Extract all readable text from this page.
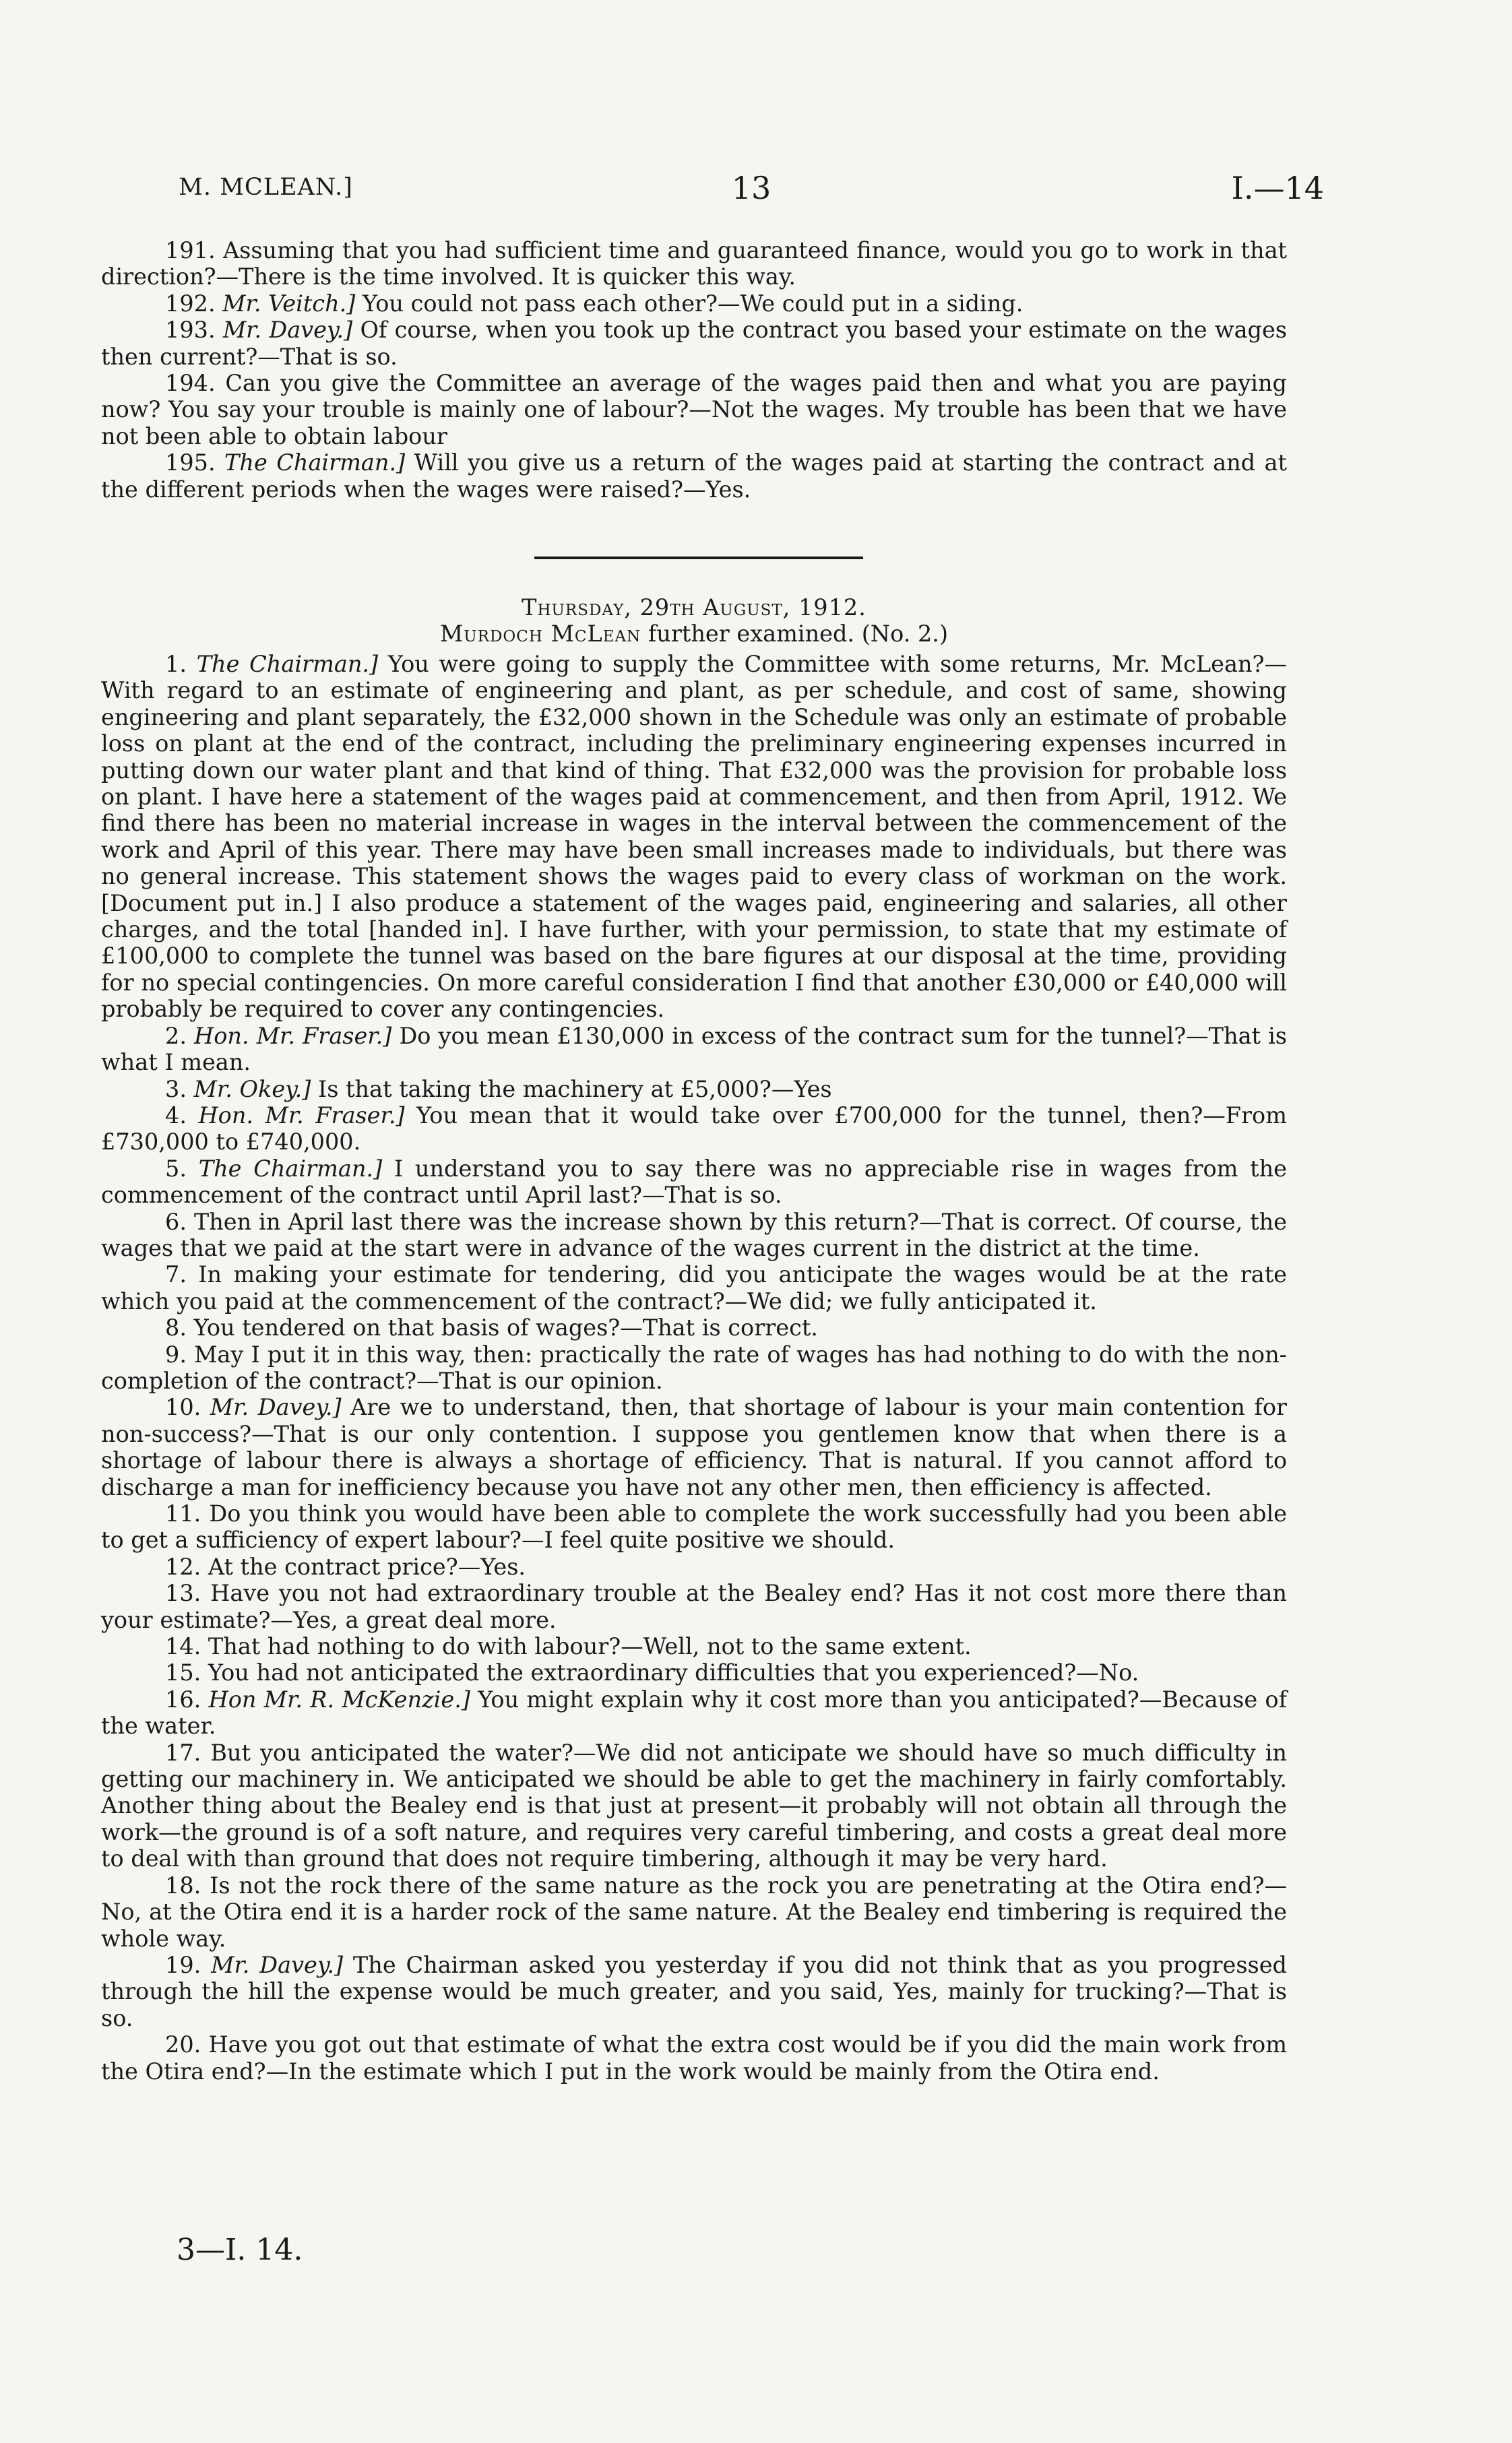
M. MCLEAN.]	13	I.—14

191. Assuming that you had sufficient time and guaranteed finance, would you go to work in that direction?—There is the time involved. It is quicker this way.

192. Mr. Veitch.] You could not pass each other?—We could put in a siding.

193. Mr. Davey.] Of course, when you took up the contract you based your estimate on the wages then current?—That is so.

194. Can you give the Committee an average of the wages paid then and what you are paying now? You say your trouble is mainly one of labour?—Not the wages. My trouble has been that we have not been able to obtain labour

195. The Chairman.] Will you give us a return of the wages paid at starting the contract and at the different periods when the wages were raised?—Yes.

Thursday, 29th August, 1912.
Murdoch McLean further examined. (No. 2.)

1. The Chairman.] You were going to supply the Committee with some returns, Mr. McLean?—With regard to an estimate of engineering and plant, as per schedule, and cost of same, showing engineering and plant separately, the £32,000 shown in the Schedule was only an estimate of probable loss on plant at the end of the contract, including the preliminary engineering expenses incurred in putting down our water plant and that kind of thing. That £32,000 was the provision for probable loss on plant. I have here a statement of the wages paid at commencement, and then from April, 1912. We find there has been no material increase in wages in the interval between the commencement of the work and April of this year. There may have been small increases made to individuals, but there was no general increase. This statement shows the wages paid to every class of workman on the work. [Document put in.] I also produce a statement of the wages paid, engineering and salaries, all other charges, and the total [handed in]. I have further, with your permission, to state that my estimate of £100,000 to complete the tunnel was based on the bare figures at our disposal at the time, providing for no special contingencies. On more careful consideration I find that another £30,000 or £40,000 will probably be required to cover any contingencies.

2. Hon. Mr. Fraser.] Do you mean £130,000 in excess of the contract sum for the tunnel?—That is what I mean.

3. Mr. Okey.] Is that taking the machinery at £5,000?—Yes

4. Hon. Mr. Fraser.] You mean that it would take over £700,000 for the tunnel, then?—From £730,000 to £740,000.

5. The Chairman.] I understand you to say there was no appreciable rise in wages from the commencement of the contract until April last?—That is so.

6. Then in April last there was the increase shown by this return?—That is correct. Of course, the wages that we paid at the start were in advance of the wages current in the district at the time.

7. In making your estimate for tendering, did you anticipate the wages would be at the rate which you paid at the commencement of the contract?—We did; we fully anticipated it.

8. You tendered on that basis of wages?—That is correct.

9. May I put it in this way, then: practically the rate of wages has had nothing to do with the non-completion of the contract?—That is our opinion.

10. Mr. Davey.] Are we to understand, then, that shortage of labour is your main contention for non-success?—That is our only contention. I suppose you gentlemen know that when there is a shortage of labour there is always a shortage of efficiency. That is natural. If you cannot afford to discharge a man for inefficiency because you have not any other men, then efficiency is affected.

11. Do you think you would have been able to complete the work successfully had you been able to get a sufficiency of expert labour?—I feel quite positive we should.

12. At the contract price?—Yes.

13. Have you not had extraordinary trouble at the Bealey end? Has it not cost more there than your estimate?—Yes, a great deal more.

14. That had nothing to do with labour?—Well, not to the same extent.

15. You had not anticipated the extraordinary difficulties that you experienced?—No.

16. Hon Mr. R. McKenzie.] You might explain why it cost more than you anticipated?—Because of the water.

17. But you anticipated the water?—We did not anticipate we should have so much difficulty in getting our machinery in. We anticipated we should be able to get the machinery in fairly comfortably. Another thing about the Bealey end is that just at present—it probably will not obtain all through the work—the ground is of a soft nature, and requires very careful timbering, and costs a great deal more to deal with than ground that does not require timbering, although it may be very hard.

18. Is not the rock there of the same nature as the rock you are penetrating at the Otira end?—No, at the Otira end it is a harder rock of the same nature. At the Bealey end timbering is required the whole way.

19. Mr. Davey.] The Chairman asked you yesterday if you did not think that as you progressed through the hill the expense would be much greater, and you said, Yes, mainly for trucking?—That is so.

20. Have you got out that estimate of what the extra cost would be if you did the main work from the Otira end?—In the estimate which I put in the work would be mainly from the Otira end.

3—I. 14.
